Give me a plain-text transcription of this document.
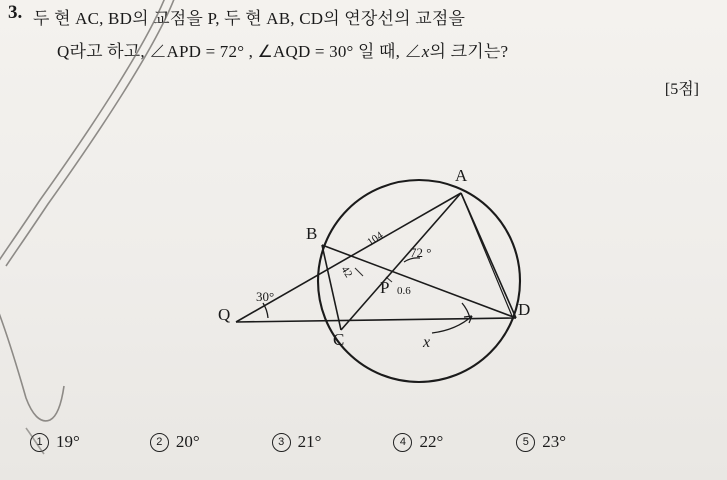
3. 두 현 AC, BD의 교점을 P, 두 현 AB, CD의 연장선의 교점을
Q라고 하고, ∠APD = 72° , ∠AQD = 30° 일 때, ∠x의 크기는?
[5점]
A
B
C
D
P
Q
30°
72 °
x
104
42
0.6
1 19°	2 20°	3 21°	4 22°	5 23°
